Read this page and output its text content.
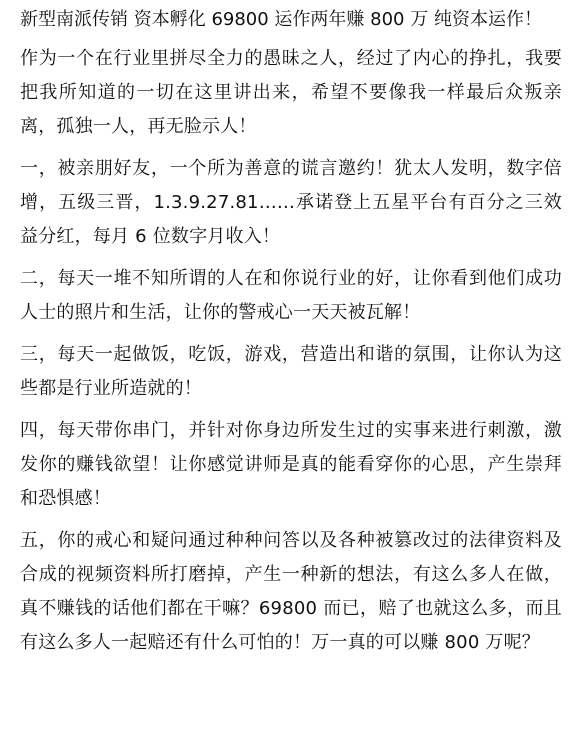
新型南派传销 资本孵化 69800 运作两年赚 800 万 纯资本运作！

作为一个在行业里拼尽全力的愚昧之人，经过了内心的挣扎，我要把我所知道的一切在这里讲出来，希望不要像我一样最后众叛亲离，孤独一人，再无脸示人！

一，被亲朋好友，一个所为善意的谎言邀约！犹太人发明，数字倍增，五级三晋，1.3.9.27.81……承诺登上五星平台有百分之三效益分红，每月 6 位数字月收入！

二，每天一堆不知所谓的人在和你说行业的好，让你看到他们成功人士的照片和生活，让你的警戒心一天天被瓦解！

三，每天一起做饭，吃饭，游戏，营造出和谐的氛围，让你认为这些都是行业所造就的！

四，每天带你串门，并针对你身边所发生过的实事来进行刺激，激发你的赚钱欲望！让你感觉讲师是真的能看穿你的心思，产生崇拜和恐惧感！

五，你的戒心和疑问通过种种问答以及各种被篡改过的法律资料及合成的视频资料所打磨掉，产生一种新的想法，有这么多人在做，真不赚钱的话他们都在干嘛？69800 而已，赔了也就这么多，而且有这么多人一起赔还有什么可怕的！万一真的可以赚 800 万呢？
